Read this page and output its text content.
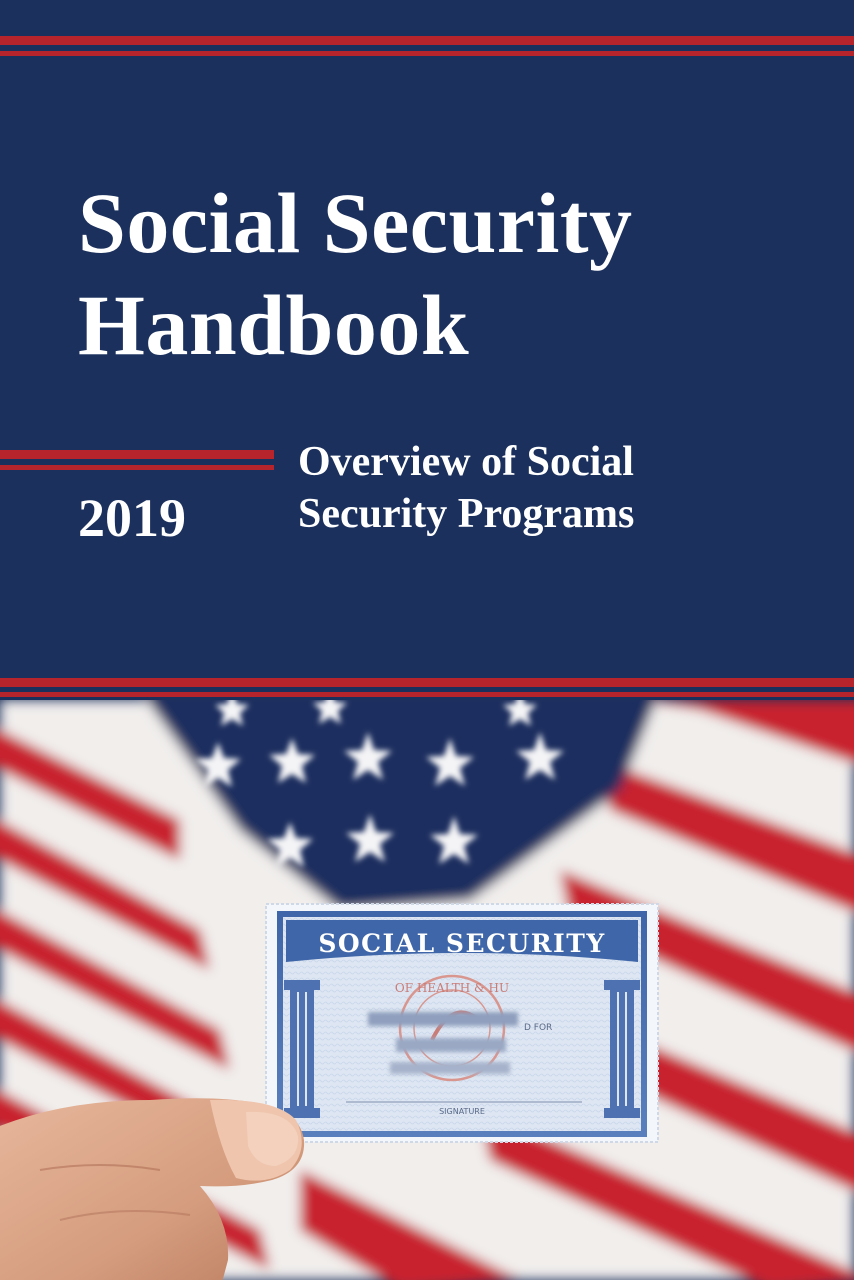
Social Security
Handbook
2019
Overview of Social
Security Programs
SOCIAL SECURITY
OF HEALTH & HU
D FOR
SIGNATURE
